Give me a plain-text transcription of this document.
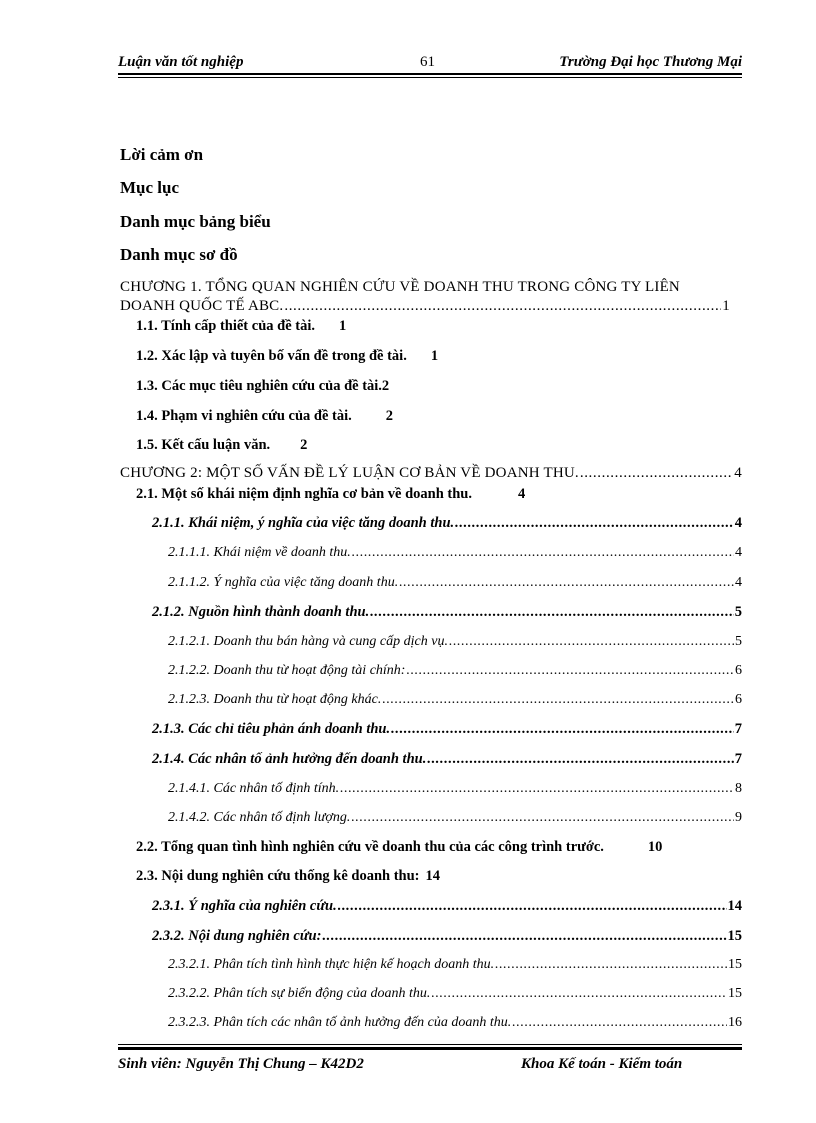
Luận văn tốt nghiệp	61	Trường Đại học Thương Mại
Lời cảm ơn
Mục lục
Danh mục bảng biểu
Danh mục sơ đồ
CHƯƠNG 1. TỔNG QUAN NGHIÊN CỨU VỀ DOANH THU TRONG CÔNG TY LIÊN
DOANH QUỐC TẾ ABC. .....	1
1.1. Tính cấp thiết của đề tài. 1
1.2. Xác lập và tuyên bố vấn đề trong đề tài. 1
1.3. Các mục tiêu nghiên cứu của đề tài.2
1.4. Phạm vi nghiên cứu của đề tài. 2
1.5. Kết cấu luận văn. 2
CHƯƠNG 2: MỘT SỐ VẤN ĐỀ LÝ LUẬN CƠ BẢN VỀ DOANH THU. .....	4
2.1. Một số khái niệm định nghĩa cơ bản về doanh thu.	4
2.1.1. Khái niệm, ý nghĩa của việc tăng doanh thu. .....	4
2.1.1.1. Khái niệm về doanh thu. .....	4
2.1.1.2. Ý nghĩa của việc tăng doanh thu. .....	4
2.1.2. Nguồn hình thành doanh thu. .....	5
2.1.2.1. Doanh thu bán hàng và cung cấp dịch vụ. .....	5
2.1.2.2. Doanh thu từ hoạt động tài chính: .....	6
2.1.2.3. Doanh thu từ hoạt động khác. .....	6
2.1.3. Các chỉ tiêu phản ánh doanh thu. .....	7
2.1.4. Các nhân tố ảnh hưởng đến doanh thu. .....	7
2.1.4.1. Các nhân tố định tính. .....	8
2.1.4.2. Các nhân tố định lượng. .....	9
2.2. Tổng quan tình hình nghiên cứu về doanh thu của các công trình trước.	10
2.3. Nội dung nghiên cứu thống kê doanh thu: 14
2.3.1. Ý nghĩa của nghiên cứu. .....	14
2.3.2. Nội dung nghiên cứu: .....	15
2.3.2.1. Phân tích tình hình thực hiện kế hoạch doanh thu. .....	15
2.3.2.2. Phân tích sự biến động của doanh thu. .....	15
2.3.2.3. Phân tích các nhân tố ảnh hưởng đến của doanh thu. .....	16
Sinh viên: Nguyễn Thị Chung – K42D2	Khoa Kế toán - Kiểm toán
